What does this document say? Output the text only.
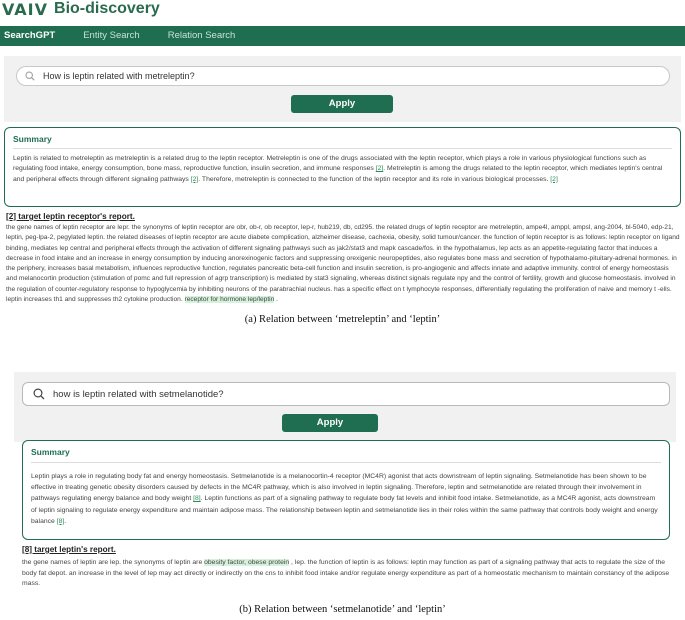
VAIV Bio-discovery
SearchGPT	Entity Search	Relation Search
How is leptin related with metreleptin?
Apply
Summary
Leptin is related to metreleptin as metreleptin is a related drug to the leptin receptor. Metreleptin is one of the drugs associated with the leptin receptor, which plays a role in various physiological functions such as regulating food intake, energy consumption, bone mass, reproductive function, insulin secretion, and immune responses [2]. Metreleptin is among the drugs related to the leptin receptor, which mediates leptin's central and peripheral effects through different signaling pathways [2]. Therefore, metreleptin is connected to the function of the leptin receptor and its role in various biological processes. [2]
[2] target leptin receptor's report.
the gene names of leptin receptor are lepr. the synonyms of leptin receptor are obr, ob-r, ob receptor, lep-r, hub219, db, cd295. the related drugs of leptin receptor are metreleptin, ampe4l, amppl, ampsl, ang-2004, bl-5040, edp-21, leptin, peg-lpa-2, pegylated leptin. the related diseases of leptin receptor are acute diabete complication, alzheimer disease, cachexia, obesity, solid tumour/cancer. the function of leptin receptor is as follows: leptin receptor on ligand binding, mediates lep central and peripheral effects through the activation of different signaling pathways such as jak2/stat3 and mapk cascade/fos. in the hypothalamus, lep acts as an appetite-regulating factor that induces a decrease in food intake and an increase in energy consumption by inducing anorexinogenic factors and suppressing orexigenic neuropeptides, also regulates bone mass and secretion of hypothalamo-pituitary-adrenal hormones. in the periphery, increases basal metabolism, influences reproductive function, regulates pancreatic beta-cell function and insulin secretion, is pro-angiogenic and affects innate and adaptive immunity. control of energy homeostasis and melanocortin production (stimulation of pomc and full repression of agrp transcription) is mediated by stat3 signaling, whereas distinct signals regulate npy and the control of fertility, growth and glucose homeostasis. involved in the regulation of counter-regulatory response to hypoglycemia by inhibiting neurons of the parabrachial nucleus. has a specific effect on t lymphocyte responses, differentially regulating the proliferation of naive and memory t -ells. leptin increases th1 and suppresses th2 cytokine production. receptor for hormone lep/leptin .
(a) Relation between ‘metreleptin’ and ‘leptin’
how is leptin related with setmelanotide?
Apply
Summary
Leptin plays a role in regulating body fat and energy homeostasis. Setmelanotide is a melanocortin-4 receptor (MC4R) agonist that acts downstream of leptin signaling. Setmelanotide has been shown to be effective in treating genetic obesity disorders caused by defects in the MC4R pathway, which is also involved in leptin signaling. Therefore, leptin and setmelanotide are related through their involvement in pathways regulating energy balance and body weight [8]. Leptin functions as part of a signaling pathway to regulate body fat levels and inhibit food intake. Setmelanotide, as a MC4R agonist, acts downstream of leptin signaling to regulate energy expenditure and maintain adipose mass. The relationship between leptin and setmelanotide lies in their roles within the same pathway that controls body weight and energy balance [8].
[8] target leptin's report.
the gene names of leptin are lep. the synonyms of leptin are obesity factor, obese protein , lep. the function of leptin is as follows: leptin may function as part of a signaling pathway that acts to regulate the size of the body fat depot. an increase in the level of lep may act directly or indirectly on the cns to inhibit food intake and/or regulate energy expenditure as part of a homeostatic mechanism to maintain constancy of the adipose mass.
(b) Relation between ‘setmelanotide’ and ‘leptin’
